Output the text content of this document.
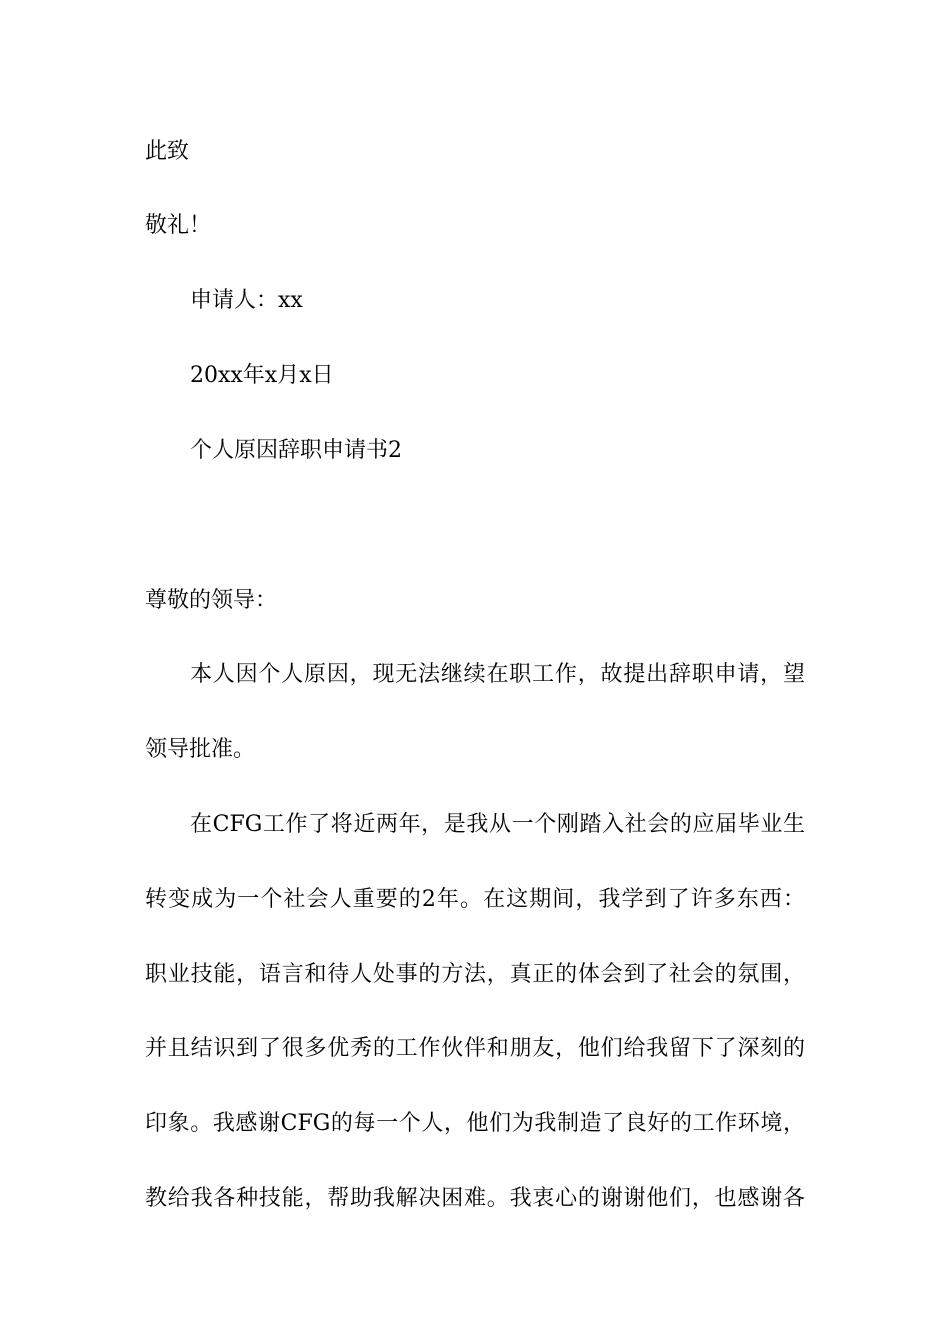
此致
敬礼！
申请人：xx
20xx年x月x日
个人原因辞职申请书2
尊敬的领导：
本人因个人原因，现无法继续在职工作，故提出辞职申请，望
领导批准。
在CFG工作了将近两年，是我从一个刚踏入社会的应届毕业生
转变成为一个社会人重要的2年。在这期间，我学到了许多东西：
职业技能，语言和待人处事的方法，真正的体会到了社会的氛围，
并且结识到了很多优秀的工作伙伴和朋友，他们给我留下了深刻的
印象。我感谢CFG的每一个人，他们为我制造了良好的工作环境，
教给我各种技能，帮助我解决困难。我衷心的谢谢他们，也感谢各
